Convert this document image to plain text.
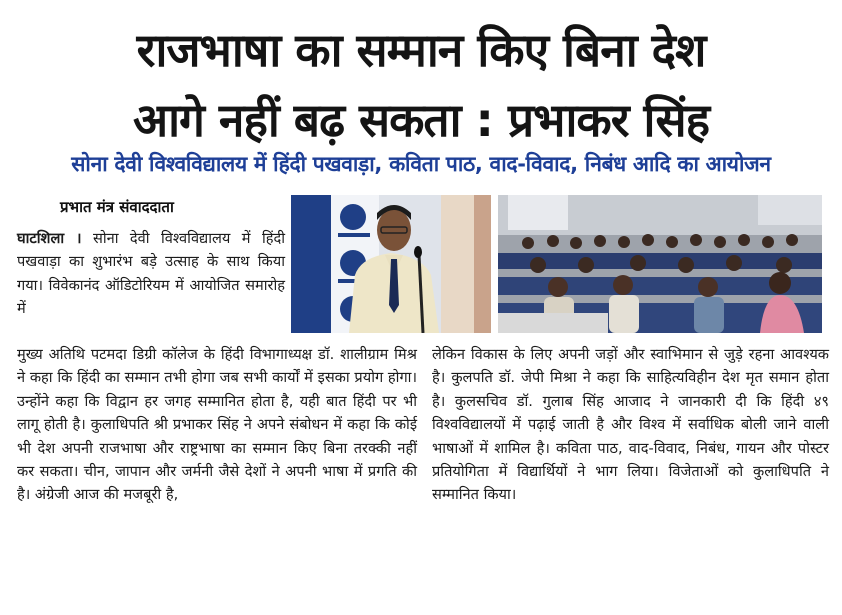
राजभाषा का सम्मान किए बिना देश
आगे नहीं बढ़ सकता : प्रभाकर सिंह
सोना देवी विश्वविद्यालय में हिंदी पखवाड़ा, कविता पाठ, वाद-विवाद, निबंध आदि का आयोजन
प्रभात मंत्र संवाददाता

घाटशिला । सोना देवी विश्वविद्यालय में हिंदी पखवाड़ा का शुभारंभ बड़े उत्साह के साथ किया गया। विवेकानंद ऑडिटोरियम में आयोजित समारोह में

मुख्य अतिथि पटमदा डिग्री कॉलेज के हिंदी विभागाध्यक्ष डॉ. शालीग्राम मिश्र ने कहा कि हिंदी का सम्मान तभी होगा जब सभी कार्यों में इसका प्रयोग होगा। उन्होंने कहा कि विद्वान हर जगह सम्मानित होता है, यही बात हिंदी पर भी लागू होती है। कुलाधिपति श्री प्रभाकर सिंह ने अपने संबोधन में कहा कि कोई भी देश अपनी राजभाषा और राष्ट्रभाषा का सम्मान किए बिना तरक्की नहीं कर सकता। चीन, जापान और जर्मनी जैसे देशों ने अपनी भाषा में प्रगति की है। अंग्रेजी आज की मजबूरी है,

लेकिन विकास के लिए अपनी जड़ों और स्वाभिमान से जुड़े रहना आवश्यक है। कुलपति डॉ. जेपी मिश्रा ने कहा कि साहित्यविहीन देश मृत समान होता है। कुलसचिव डॉ. गुलाब सिंह आजाद ने जानकारी दी कि हिंदी ४९ विश्वविद्यालयों में पढ़ाई जाती है और विश्व में सर्वाधिक बोली जाने वाली भाषाओं में शामिल है। कविता पाठ, वाद-विवाद, निबंध, गायन और पोस्टर प्रतियोगिता में विद्यार्थियों ने भाग लिया। विजेताओं को कुलाधिपति ने सम्मानित किया।
